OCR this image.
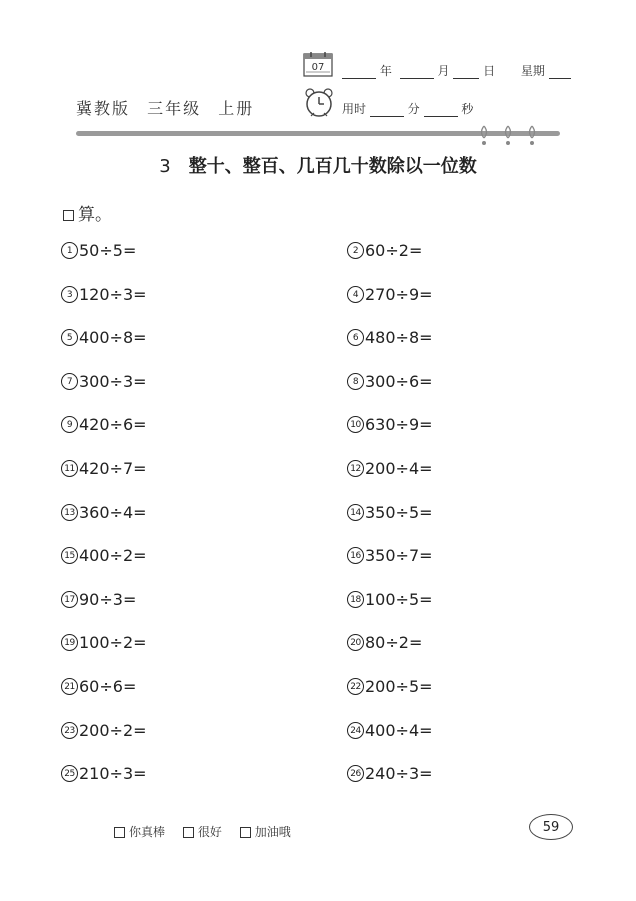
07	年	月	日 星期
冀教版 三年级 上册	用时	分	秒
3 整十、整百、几百几十数除以一位数
算。
1 50÷5=	2 60÷2=
3 120÷3=	4 270÷9=
5 400÷8=	6 480÷8=
7 300÷3=	8 300÷6=
9 420÷6=	10 630÷9=
11 420÷7=	12 200÷4=
13 360÷4=	14 350÷5=
15 400÷2=	16 350÷7=
17 90÷3=	18 100÷5=
19 100÷2=	20 80÷2=
21 60÷6=	22 200÷5=
23 200÷2=	24 400÷4=
25 210÷3=	26 240÷3=
你真棒	很好	加油哦	59
